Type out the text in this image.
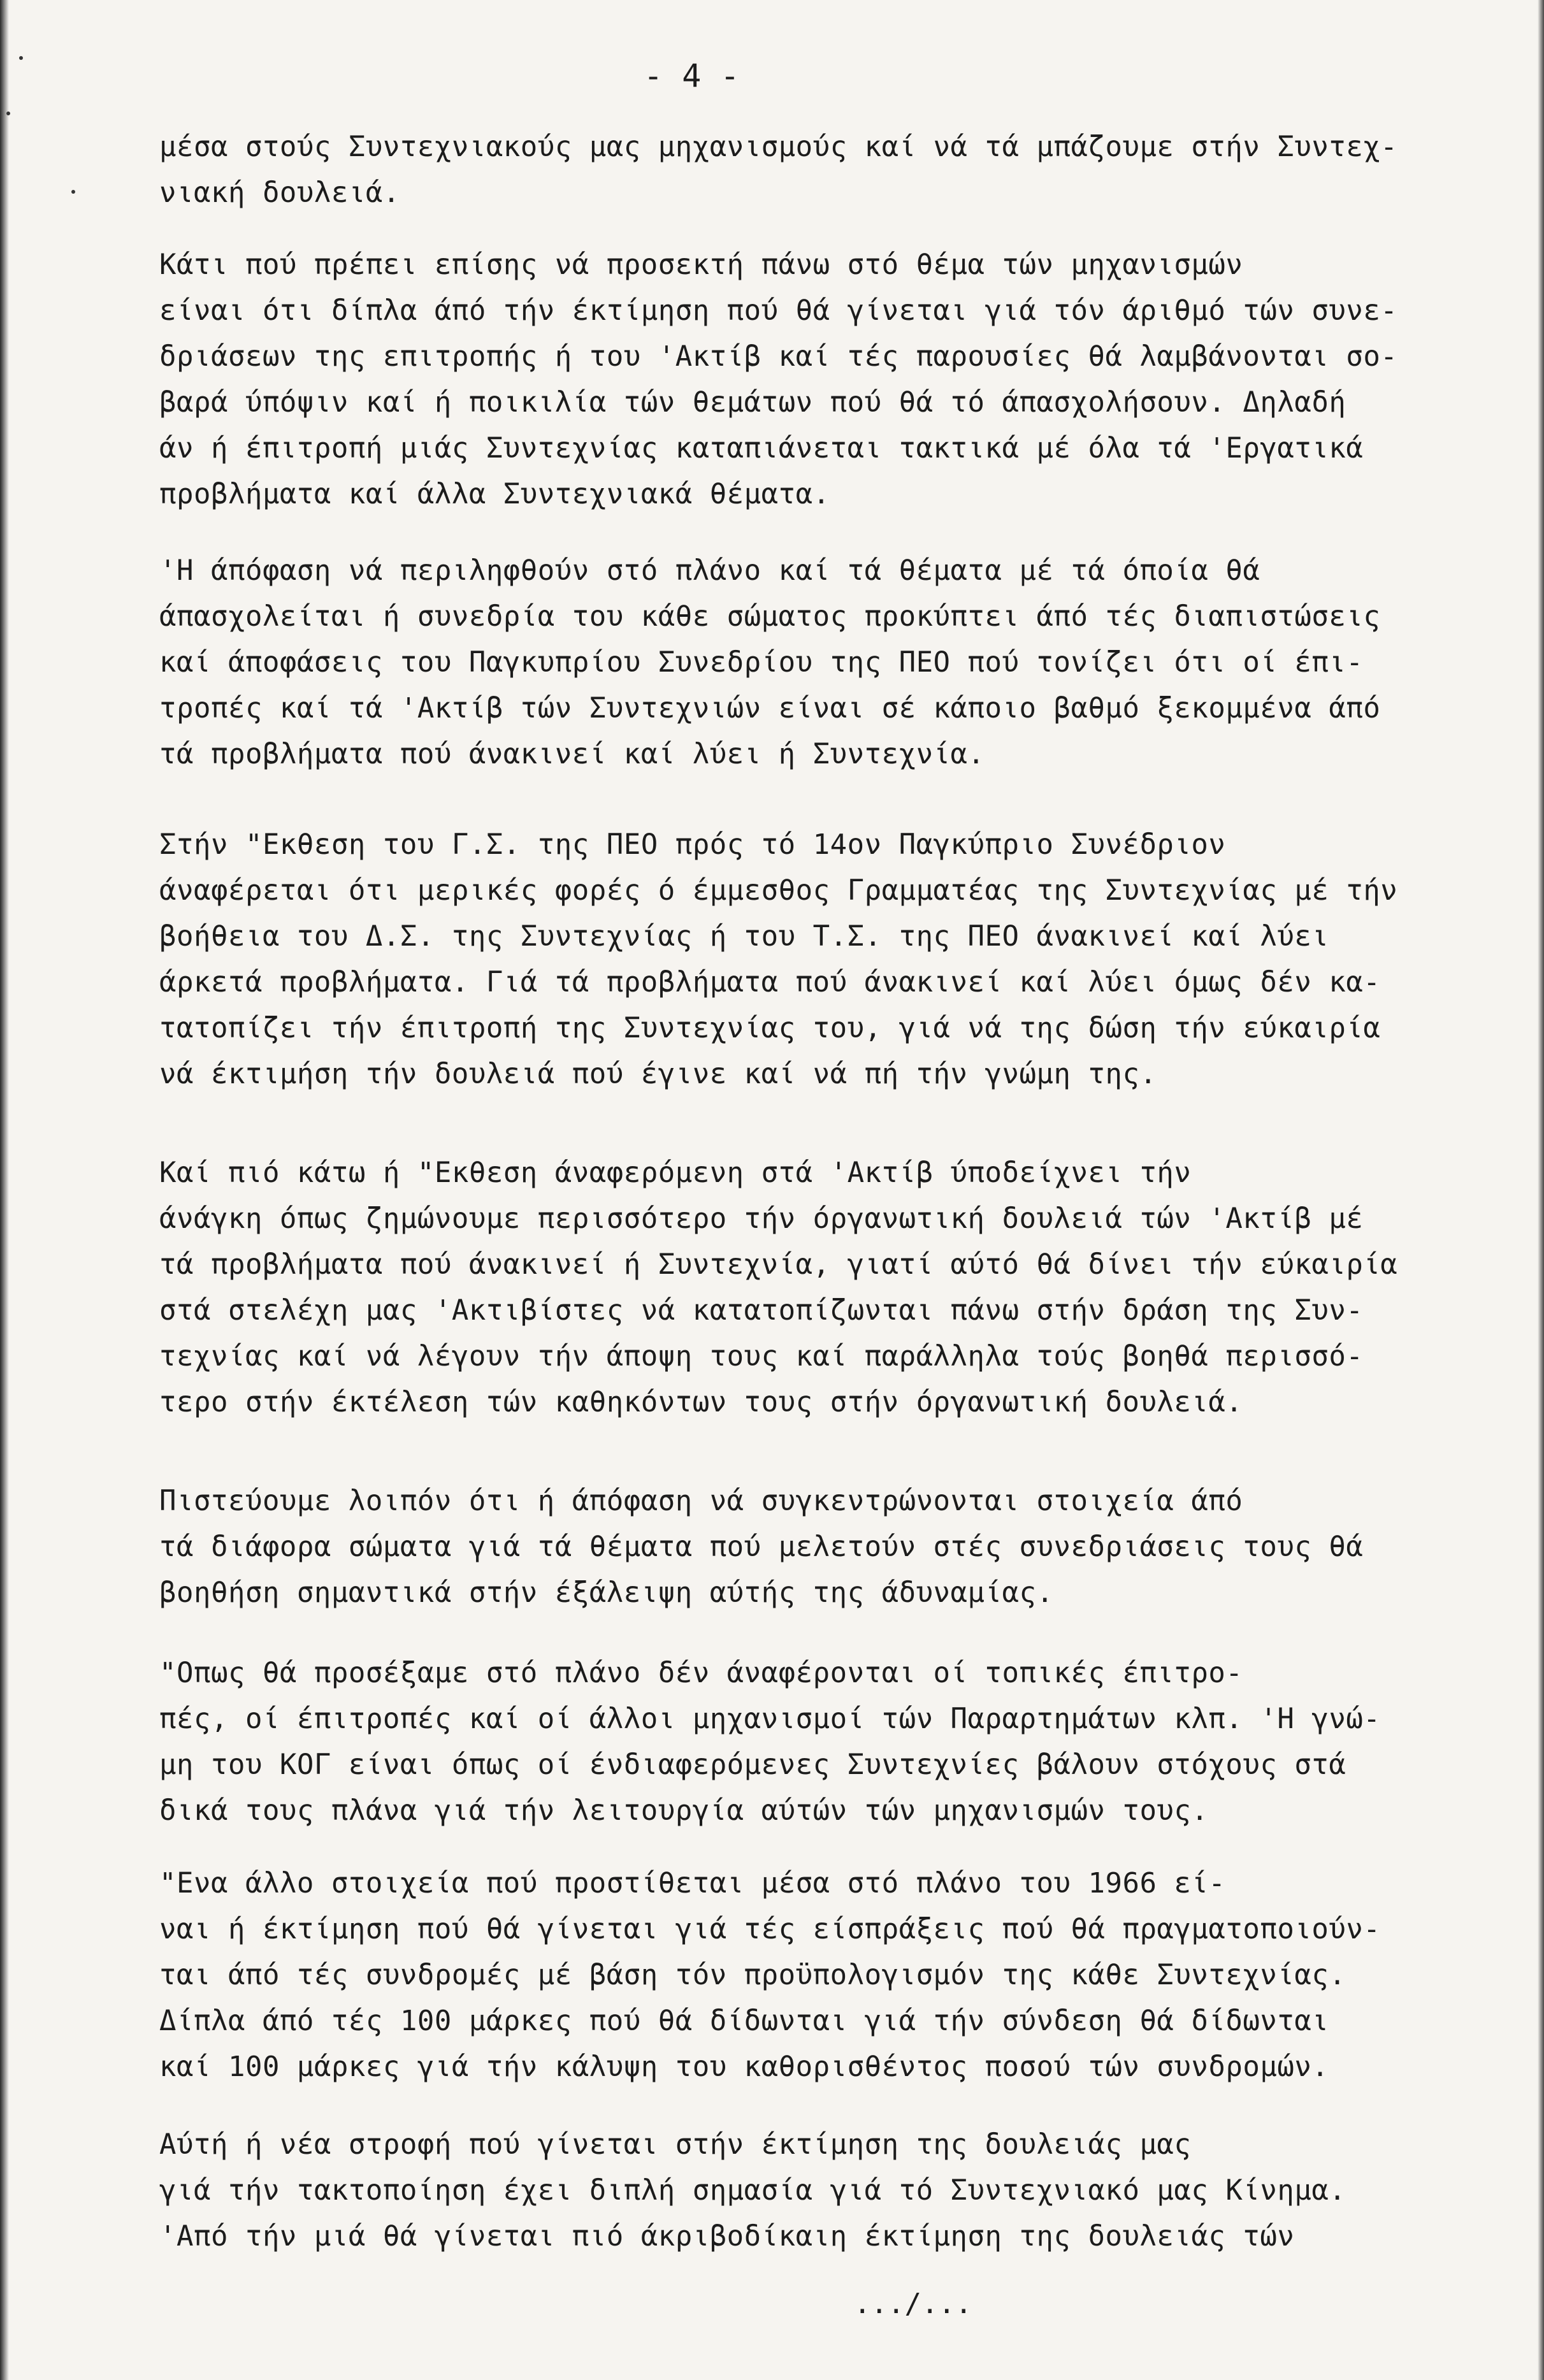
- 4 -
μέσα στούς Συντεχνιακούς μας μηχανισμούς καί νά τά μπάζουμε στήν Συντεχ-
νιακή δουλειά.
Κάτι πού πρέπει επίσης νά προσεκτή πάνω στό θέμα τών μηχανισμών
είναι ότι δίπλα άπό τήν έκτίμηση πού θά γίνεται γιά τόν άριθμό τών συνε-
δριάσεων της επιτροπής ή του 'Ακτίβ καί τές παρουσίες θά λαμβάνονται σο-
βαρά ύπόψιν καί ή ποικιλία τών θεμάτων πού θά τό άπασχολήσουν. Δηλαδή
άν ή έπιτροπή μιάς Συντεχνίας καταπιάνεται τακτικά μέ όλα τά 'Εργατικά
προβλήματα καί άλλα Συντεχνιακά θέματα.
'Η άπόφαση νά περιληφθούν στό πλάνο καί τά θέματα μέ τά όποία θά
άπασχολείται ή συνεδρία του κάθε σώματος προκύπτει άπό τές διαπιστώσεις
καί άποφάσεις του Παγκυπρίου Συνεδρίου της ΠΕΟ πού τονίζει ότι οί έπι-
τροπές καί τά 'Ακτίβ τών Συντεχνιών είναι σέ κάποιο βαθμό ξεκομμένα άπό
τά προβλήματα πού άνακινεί καί λύει ή Συντεχνία.
Στήν "Εκθεση του Γ.Σ. της ΠΕΟ πρός τό 14ον Παγκύπριο Συνέδριον
άναφέρεται ότι μερικές φορές ό έμμεσθος Γραμματέας της Συντεχνίας μέ τήν
βοήθεια του Δ.Σ. της Συντεχνίας ή του Τ.Σ. της ΠΕΟ άνακινεί καί λύει
άρκετά προβλήματα. Γιά τά προβλήματα πού άνακινεί καί λύει όμως δέν κα-
τατοπίζει τήν έπιτροπή της Συντεχνίας του, γιά νά της δώση τήν εύκαιρία
νά έκτιμήση τήν δουλειά πού έγινε καί νά πή τήν γνώμη της.
Καί πιό κάτω ή "Εκθεση άναφερόμενη στά 'Ακτίβ ύποδείχνει τήν
άνάγκη όπως ζημώνουμε περισσότερο τήν όργανωτική δουλειά τών 'Ακτίβ μέ
τά προβλήματα πού άνακινεί ή Συντεχνία, γιατί αύτό θά δίνει τήν εύκαιρία
στά στελέχη μας 'Ακτιβίστες νά κατατοπίζωνται πάνω στήν δράση της Συν-
τεχνίας καί νά λέγουν τήν άποψη τους καί παράλληλα τούς βοηθά περισσό-
τερο στήν έκτέλεση τών καθηκόντων τους στήν όργανωτική δουλειά.
Πιστεύουμε λοιπόν ότι ή άπόφαση νά συγκεντρώνονται στοιχεία άπό
τά διάφορα σώματα γιά τά θέματα πού μελετούν στές συνεδριάσεις τους θά
βοηθήση σημαντικά στήν έξάλειψη αύτής της άδυναμίας.
"Οπως θά προσέξαμε στό πλάνο δέν άναφέρονται οί τοπικές έπιτρο-
πές, οί έπιτροπές καί οί άλλοι μηχανισμοί τών Παραρτημάτων κλπ. 'Η γνώ-
μη του ΚΟΓ είναι όπως οί ένδιαφερόμενες Συντεχνίες βάλουν στόχους στά
δικά τους πλάνα γιά τήν λειτουργία αύτών τών μηχανισμών τους.
"Ενα άλλο στοιχεία πού προστίθεται μέσα στό πλάνο του 1966 εί-
ναι ή έκτίμηση πού θά γίνεται γιά τές είσπράξεις πού θά πραγματοποιούν-
ται άπό τές συνδρομές μέ βάση τόν προϋπολογισμόν της κάθε Συντεχνίας.
Δίπλα άπό τές 100 μάρκες πού θά δίδωνται γιά τήν σύνδεση θά δίδωνται
καί 100 μάρκες γιά τήν κάλυψη του καθορισθέντος ποσού τών συνδρομών.
Αύτή ή νέα στροφή πού γίνεται στήν έκτίμηση της δουλειάς μας
γιά τήν τακτοποίηση έχει διπλή σημασία γιά τό Συντεχνιακό μας Κίνημα.
'Από τήν μιά θά γίνεται πιό άκριβοδίκαιη έκτίμηση της δουλειάς τών
.../...
